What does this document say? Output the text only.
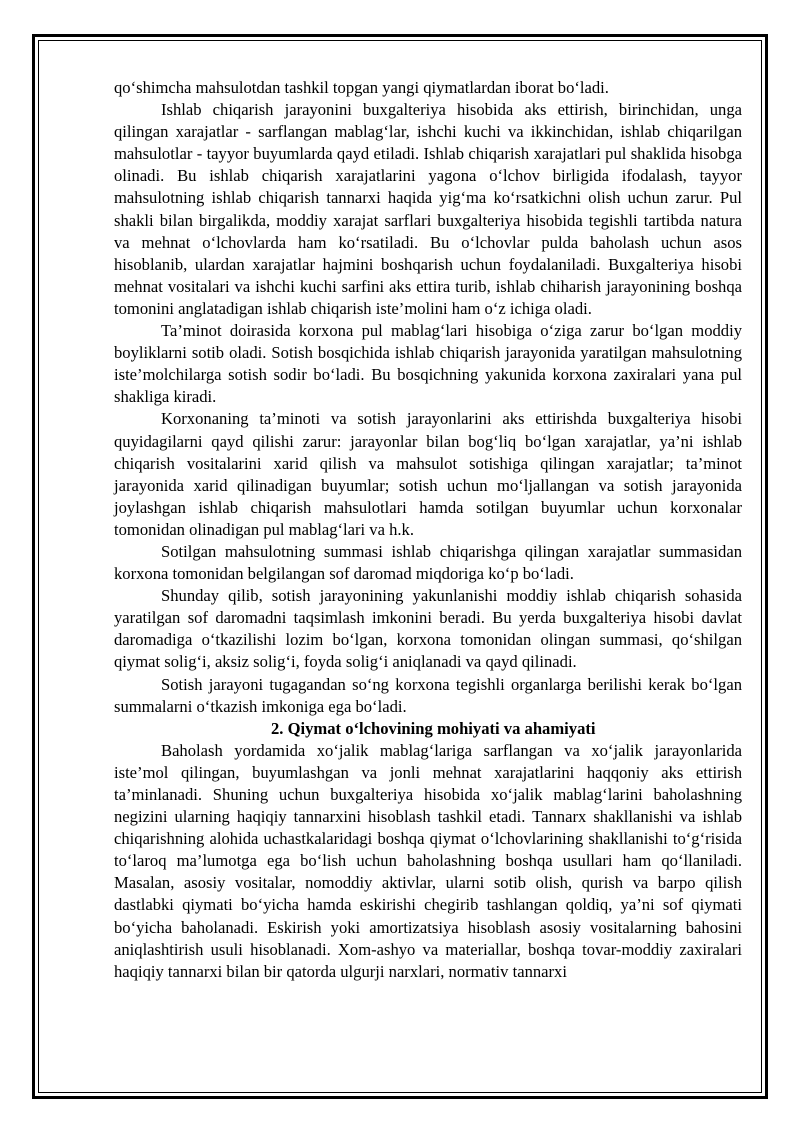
qo‘shimcha mahsulotdan tashkil topgan yangi qiymatlardan iborat bo‘ladi.

Ishlab chiqarish jarayonini buxgalteriya hisobida aks ettirish, birinchidan, unga qilingan xarajatlar - sarflangan mablag‘lar, ishchi kuchi va ikkinchidan, ishlab chiqarilgan mahsulotlar - tayyor buyumlarda qayd etiladi. Ishlab chiqarish xarajatlari pul shaklida hisobga olinadi. Bu ishlab chiqarish xarajatlarini yagona o‘lchov birligida ifodalash, tayyor mahsulotning ishlab chiqarish tannarxi haqida yig‘ma ko‘rsatkichni olish uchun zarur. Pul shakli bilan birgalikda, moddiy xarajat sarflari buxgalteriya hisobida tegishli tartibda natura va mehnat o‘lchovlarda ham ko‘rsatiladi. Bu o‘lchovlar pulda baholash uchun asos hisoblanib, ulardan xarajatlar hajmini boshqarish uchun foydalaniladi. Buxgalteriya hisobi mehnat vositalari va ishchi kuchi sarfini aks ettira turib, ishlab chiharish jarayonining boshqa tomonini anglatadigan ishlab chiqarish iste’molini ham o‘z ichiga oladi.

Ta’minot doirasida korxona pul mablag‘lari hisobiga o‘ziga zarur bo‘lgan moddiy boyliklarni sotib oladi. Sotish bosqichida ishlab chiqarish jarayonida yaratilgan mahsulotning iste’molchilarga sotish sodir bo‘ladi. Bu bosqichning yakunida korxona zaxiralari yana pul shakliga kiradi.

Korxonaning ta’minoti va sotish jarayonlarini aks ettirishda buxgalteriya hisobi quyidagilarni qayd qilishi zarur: jarayonlar bilan bog‘liq bo‘lgan xarajatlar, ya’ni ishlab chiqarish vositalarini xarid qilish va mahsulot sotishiga qilingan xarajatlar; ta’minot jarayonida xarid qilinadigan buyumlar; sotish uchun mo‘ljallangan va sotish jarayonida joylashgan ishlab chiqarish mahsulotlari hamda sotilgan buyumlar uchun korxonalar tomonidan olinadigan pul mablag‘lari va h.k.

Sotilgan mahsulotning summasi ishlab chiqarishga qilingan xarajatlar summasidan korxona tomonidan belgilangan sof daromad miqdoriga ko‘p bo‘ladi.

Shunday qilib, sotish jarayonining yakunlanishi moddiy ishlab chiqarish sohasida yaratilgan sof daromadni taqsimlash imkonini beradi. Bu yerda buxgalteriya hisobi davlat daromadiga o‘tkazilishi lozim bo‘lgan, korxona tomonidan olingan summasi, qo‘shilgan qiymat solig‘i, aksiz solig‘i, foyda solig‘i aniqlanadi va qayd qilinadi.

Sotish jarayoni tugagandan so‘ng korxona tegishli organlarga berilishi kerak bo‘lgan summalarni o‘tkazish imkoniga ega bo‘ladi.

2. Qiymat o‘lchovining mohiyati va ahamiyati

Baholash yordamida xo‘jalik mablag‘lariga sarflangan va xo‘jalik jarayonlarida iste’mol qilingan, buyumlashgan va jonli mehnat xarajatlarini haqqoniy aks ettirish ta’minlanadi. Shuning uchun buxgalteriya hisobida xo‘jalik mablag‘larini baholashning negizini ularning haqiqiy tannarxini hisoblash tashkil etadi. Tannarx shakllanishi va ishlab chiqarishning alohida uchastkalaridagi boshqa qiymat o‘lchovlarining shakllanishi to‘g‘risida to‘laroq ma’lumotga ega bo‘lish uchun baholashning boshqa usullari ham qo‘llaniladi. Masalan, asosiy vositalar, nomoddiy aktivlar, ularni sotib olish, qurish va barpo qilish dastlabki qiymati bo‘yicha hamda eskirishi chegirib tashlangan qoldiq, ya’ni sof qiymati bo‘yicha baholanadi. Eskirish yoki amortizatsiya hisoblash asosiy vositalarning bahosini aniqlashtirish usuli hisoblanadi. Xom-ashyo va materiallar, boshqa tovar-moddiy zaxiralari haqiqiy tannarxi bilan bir qatorda ulgurji narxlari, normativ tannarxi
